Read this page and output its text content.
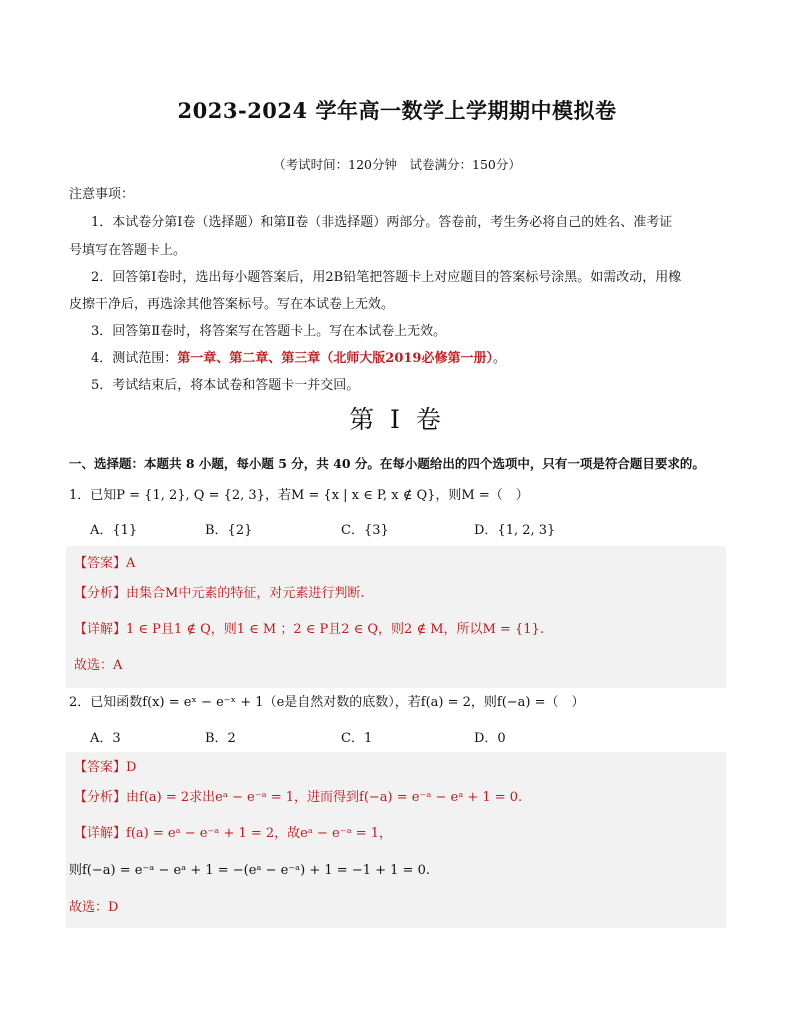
2023-2024 学年高一数学上学期期中模拟卷
（考试时间：120分钟　试卷满分：150分）
注意事项：
1．本试卷分第Ⅰ卷（选择题）和第Ⅱ卷（非选择题）两部分。答卷前，考生务必将自己的姓名、准考证
号填写在答题卡上。
2．回答第Ⅰ卷时，选出每小题答案后，用2B铅笔把答题卡上对应题目的答案标号涂黑。如需改动，用橡
皮擦干净后，再选涂其他答案标号。写在本试卷上无效。
3．回答第Ⅱ卷时，将答案写在答题卡上。写在本试卷上无效。
4．测试范围：第一章、第二章、第三章（北师大版2019必修第一册）。
5．考试结束后，将本试卷和答题卡一并交回。
第 I 卷
一、选择题：本题共 8 小题，每小题 5 分，共 40 分。在每小题给出的四个选项中，只有一项是符合题目要求的。
1．已知P = {1, 2}, Q = {2, 3}，若M = {x | x ∈ P, x ∉ Q}，则M =（　）
A．{1}	B．{2}	C．{3}	D．{1, 2, 3}
【答案】A
【分析】由集合M中元素的特征，对元素进行判断.
【详解】1 ∈ P且1 ∉ Q，则1 ∈ M ；2 ∈ P且2 ∈ Q，则2 ∉ M，所以M = {1}.
故选：A
2．已知函数f(x) = eˣ − e⁻ˣ + 1（e是自然对数的底数），若f(a) = 2，则f(−a) =（　）
A．3	B．2	C．1	D．0
【答案】D
【分析】由f(a) = 2求出eᵃ − e⁻ᵃ = 1，进而得到f(−a) = e⁻ᵃ − eᵃ + 1 = 0.
【详解】f(a) = eᵃ − e⁻ᵃ + 1 = 2，故eᵃ − e⁻ᵃ = 1，
则f(−a) = e⁻ᵃ − eᵃ + 1 = −(eᵃ − e⁻ᵃ) + 1 = −1 + 1 = 0.
故选：D
